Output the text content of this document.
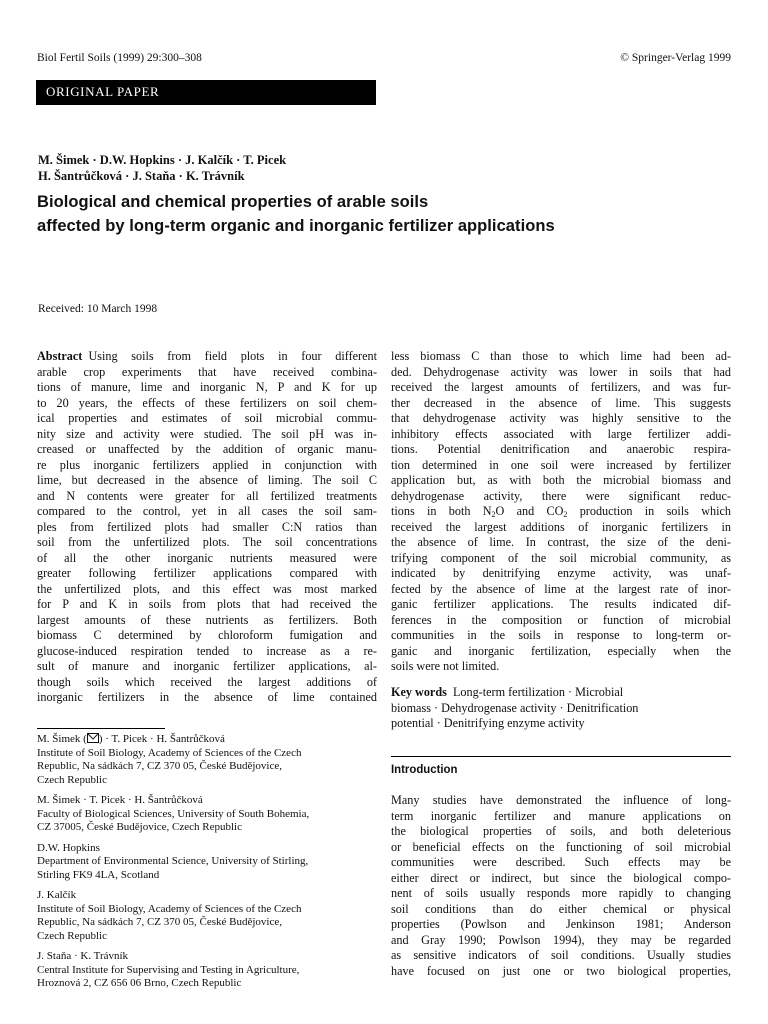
Biol Fertil Soils (1999) 29:300–308	© Springer-Verlag 1999
ORIGINAL PAPER
M. Šimek · D.W. Hopkins · J. Kalčík · T. Picek
H. Šantrůčková · J. Staňa · K. Trávník
Biological and chemical properties of arable soils
affected by long-term organic and inorganic fertilizer applications
Received: 10 March 1998
Abstract Using soils from field plots in four different
arable crop experiments that have received combina-
tions of manure, lime and inorganic N, P and K for up
to 20 years, the effects of these fertilizers on soil chem-
ical properties and estimates of soil microbial commu-
nity size and activity were studied. The soil pH was in-
creased or unaffected by the addition of organic manu-
re plus inorganic fertilizers applied in conjunction with
lime, but decreased in the absence of liming. The soil C
and N contents were greater for all fertilized treatments
compared to the control, yet in all cases the soil sam-
ples from fertilized plots had smaller C:N ratios than
soil from the unfertilized plots. The soil concentrations
of all the other inorganic nutrients measured were
greater following fertilizer applications compared with
the unfertilized plots, and this effect was most marked
for P and K in soils from plots that had received the
largest amounts of these nutrients as fertilizers. Both
biomass C determined by chloroform fumigation and
glucose-induced respiration tended to increase as a re-
sult of manure and inorganic fertilizer applications, al-
though soils which received the largest additions of
inorganic fertilizers in the absence of lime contained
less biomass C than those to which lime had been ad-
ded. Dehydrogenase activity was lower in soils that had
received the largest amounts of fertilizers, and was fur-
ther decreased in the absence of lime. This suggests
that dehydrogenase activity was highly sensitive to the
inhibitory effects associated with large fertilizer addi-
tions. Potential denitrification and anaerobic respira-
tion determined in one soil were increased by fertilizer
application but, as with both the microbial biomass and
dehydrogenase activity, there were significant reduc-
tions in both $N_2O$ and $CO_2$ production in soils which
received the largest additions of inorganic fertilizers in
the absence of lime. In contrast, the size of the deni-
trifying component of the soil microbial community, as
indicated by denitrifying enzyme activity, was unaf-
fected by the absence of lime at the largest rate of inor-
ganic fertilizer applications. The results indicated dif-
ferences in the composition or function of microbial
communities in the soils in response to long-term or-
ganic and inorganic fertilization, especially when the
soils were not limited.
Key words Long-term fertilization · Microbial
biomass · Dehydrogenase activity · Denitrification
potential · Denitrifying enzyme activity
M. Šimek ( ) · T. Picek · H. Šantrůčková
Institute of Soil Biology, Academy of Sciences of the Czech
Republic, Na sádkách 7, CZ 370 05, České Budějovice,
Czech Republic
M. Šimek · T. Picek · H. Šantrůčková
Faculty of Biological Sciences, University of South Bohemia,
CZ 37005, České Budějovice, Czech Republic
D.W. Hopkins
Department of Environmental Science, University of Stirling,
Stirling FK9 4LA, Scotland
J. Kalčík
Institute of Soil Biology, Academy of Sciences of the Czech
Republic, Na sádkách 7, CZ 370 05, České Budějovice,
Czech Republic
J. Staňa · K. Trávník
Central Institute for Supervising and Testing in Agriculture,
Hroznová 2, CZ 656 06 Brno, Czech Republic
Introduction
Many studies have demonstrated the influence of long-
term inorganic fertilizer and manure applications on
the biological properties of soils, and both deleterious
or beneficial effects on the functioning of soil microbial
communities were described. Such effects may be
either direct or indirect, but since the biological compo-
nent of soils usually responds more rapidly to changing
soil conditions than do either chemical or physical
properties (Powlson and Jenkinson 1981; Anderson
and Gray 1990; Powlson 1994), they may be regarded
as sensitive indicators of soil conditions. Usually studies
have focused on just one or two biological properties,
